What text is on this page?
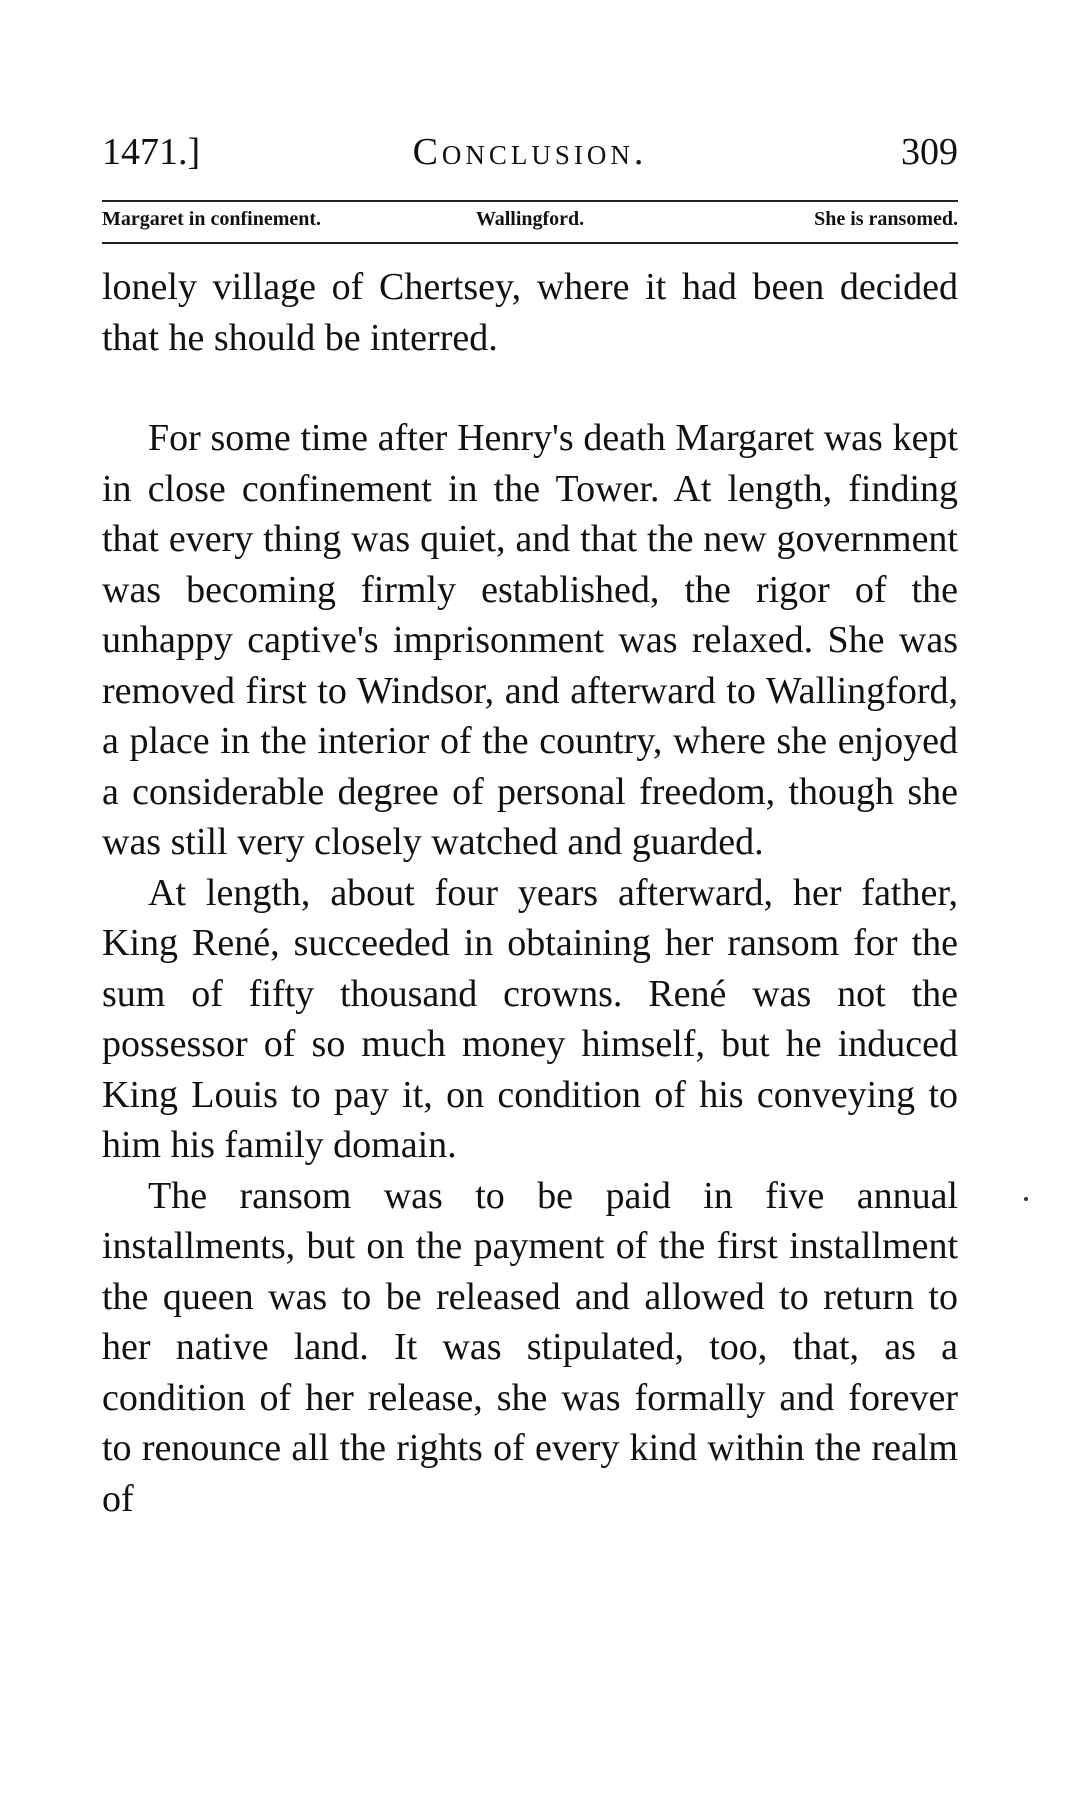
1471.]	Conclusion.	309
Margaret in confinement.	Wallingford.	She is ransomed.

lonely village of Chertsey, where it had been decided that he should be interred.

For some time after Henry's death Margaret was kept in close confinement in the Tower. At length, finding that every thing was quiet, and that the new government was becoming firmly established, the rigor of the unhappy captive's imprisonment was relaxed. She was removed first to Windsor, and afterward to Wallingford, a place in the interior of the country, where she enjoyed a considerable degree of personal freedom, though she was still very closely watched and guarded.

At length, about four years afterward, her father, King René, succeeded in obtaining her ransom for the sum of fifty thousand crowns. René was not the possessor of so much money himself, but he induced King Louis to pay it, on condition of his conveying to him his family domain.

The ransom was to be paid in five annual installments, but on the payment of the first installment the queen was to be released and allowed to return to her native land. It was stipulated, too, that, as a condition of her release, she was formally and forever to renounce all the rights of every kind within the realm of
